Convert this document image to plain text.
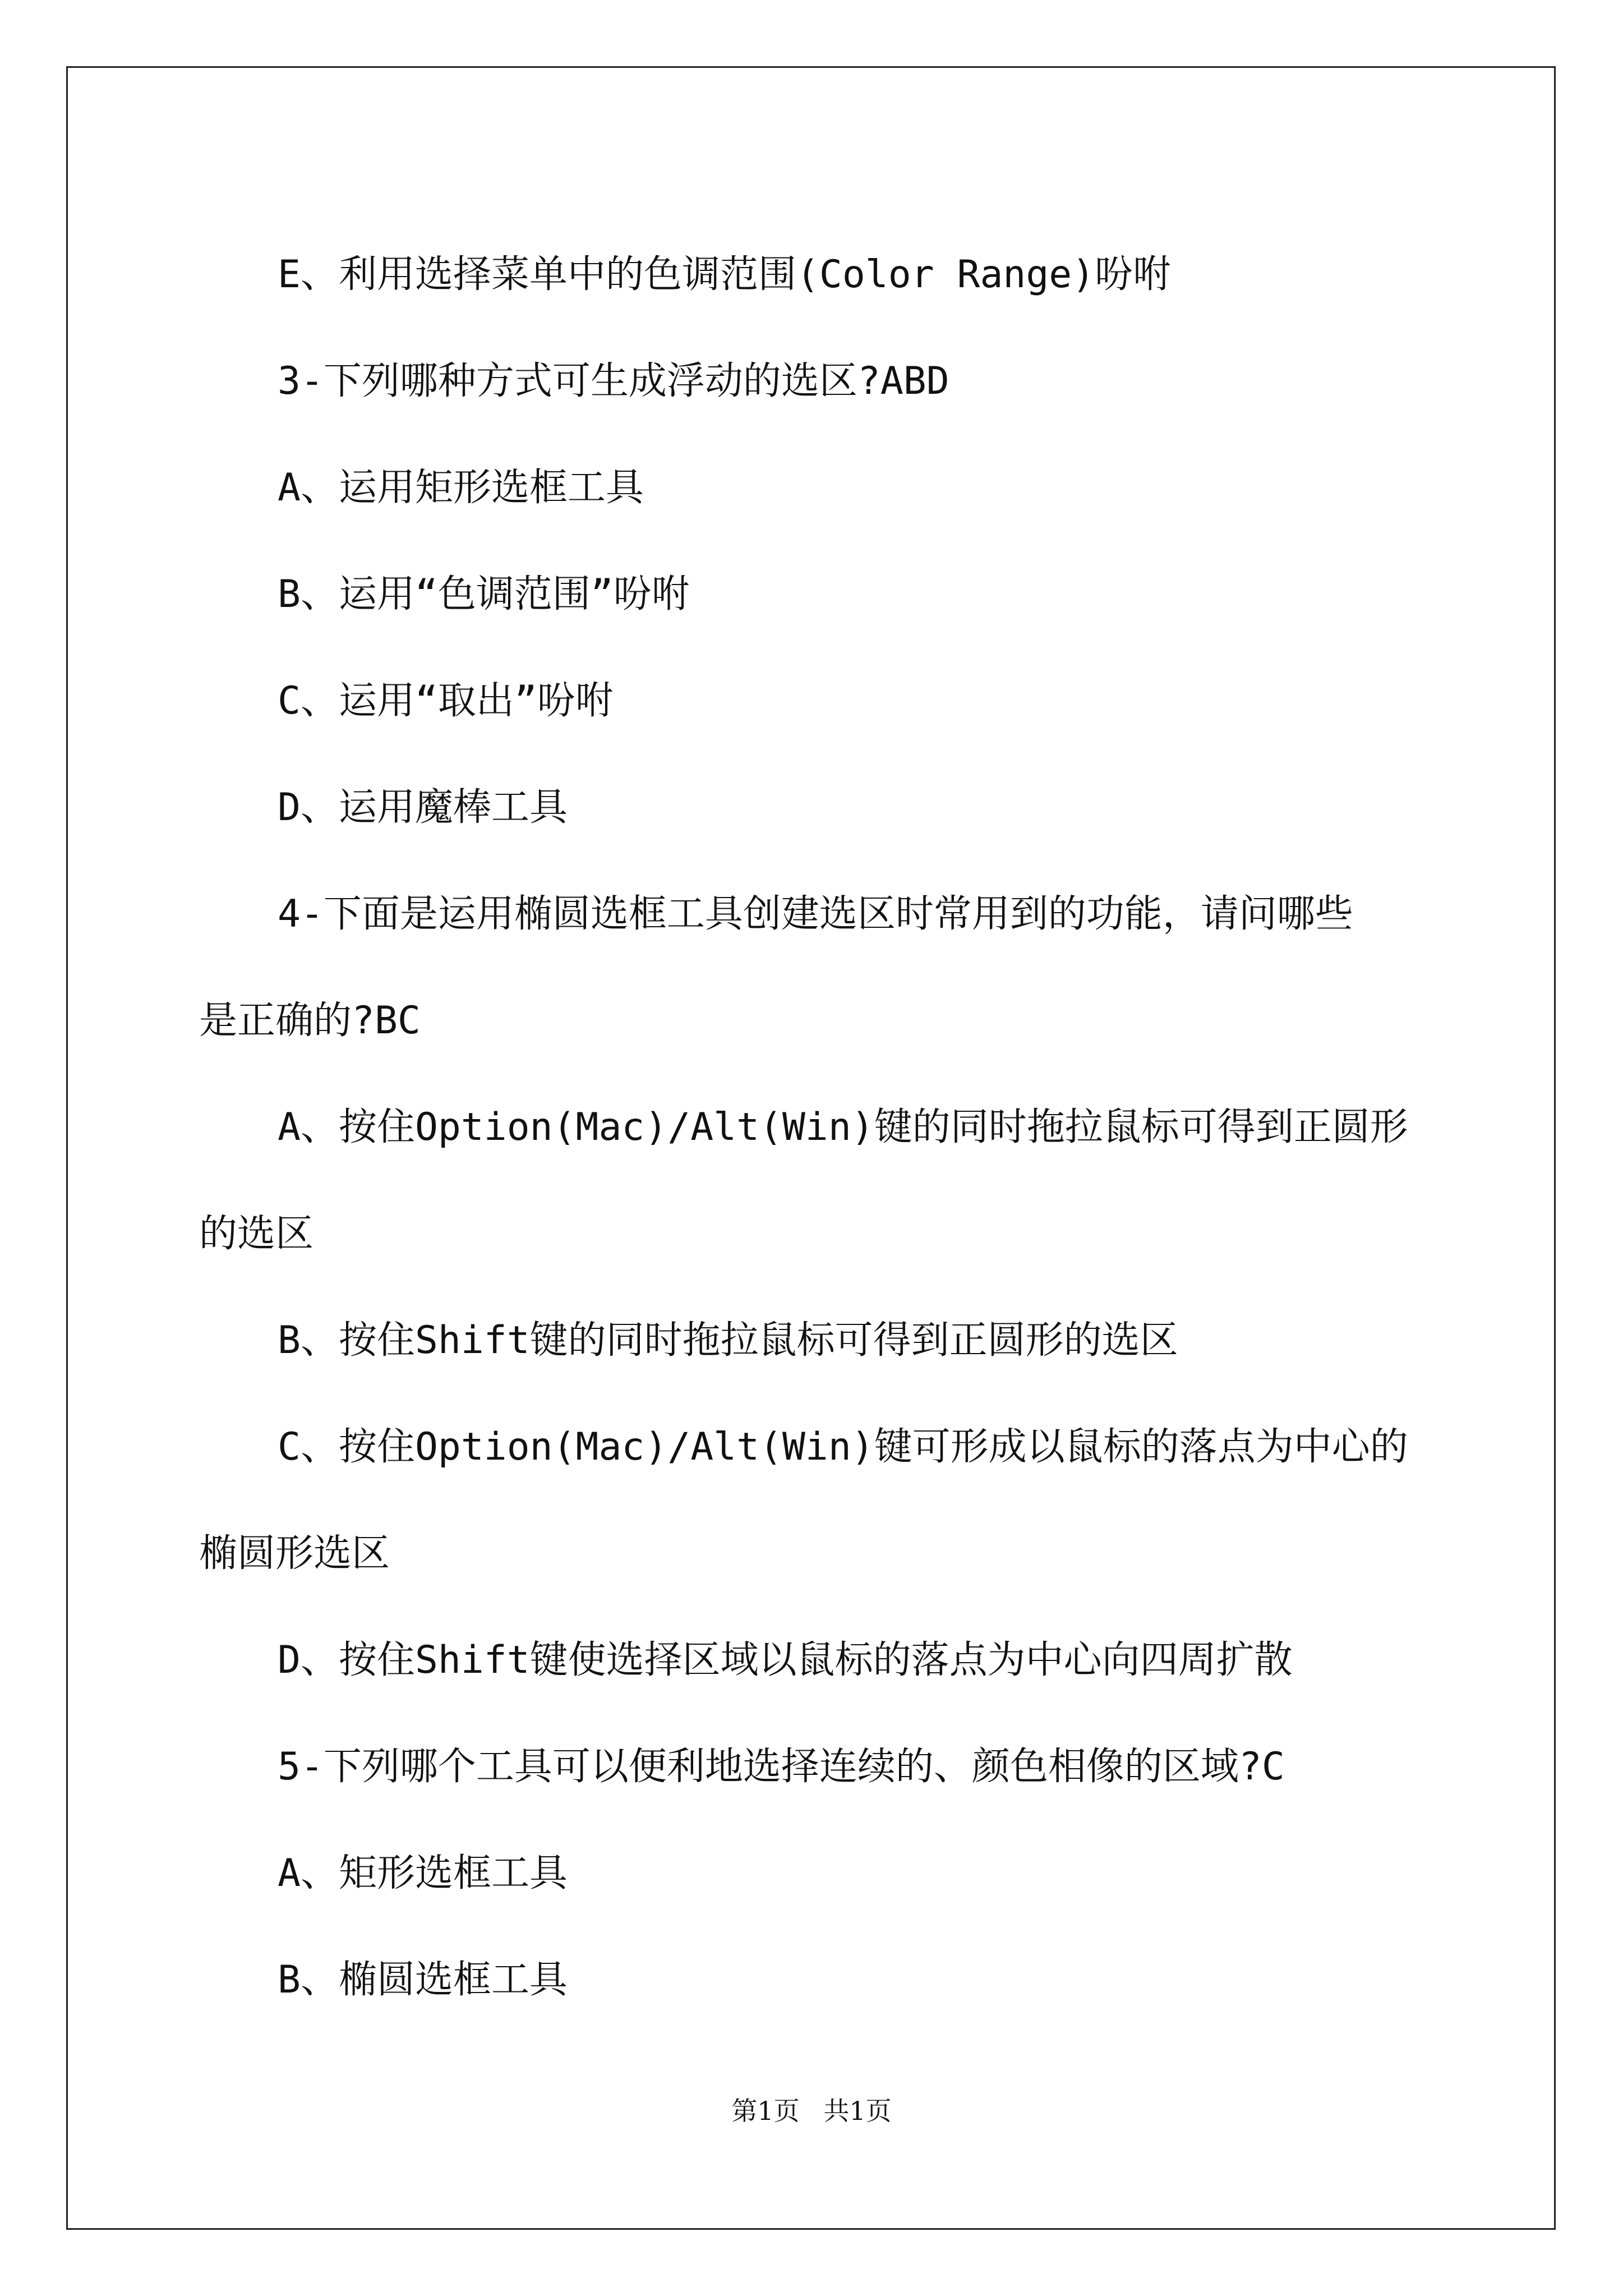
E、利用选择菜单中的色调范围(Color Range)吩咐

3-下列哪种方式可生成浮动的选区?ABD

A、运用矩形选框工具

B、运用“色调范围”吩咐

C、运用“取出”吩咐

D、运用魔棒工具

4-下面是运用椭圆选框工具创建选区时常用到的功能，请问哪些

是正确的?BC

A、按住Option(Mac)/Alt(Win)键的同时拖拉鼠标可得到正圆形

的选区

B、按住Shift键的同时拖拉鼠标可得到正圆形的选区

C、按住Option(Mac)/Alt(Win)键可形成以鼠标的落点为中心的

椭圆形选区

D、按住Shift键使选择区域以鼠标的落点为中心向四周扩散

5-下列哪个工具可以便利地选择连续的、颜色相像的区域?C

A、矩形选框工具

B、椭圆选框工具

第1页 共1页
